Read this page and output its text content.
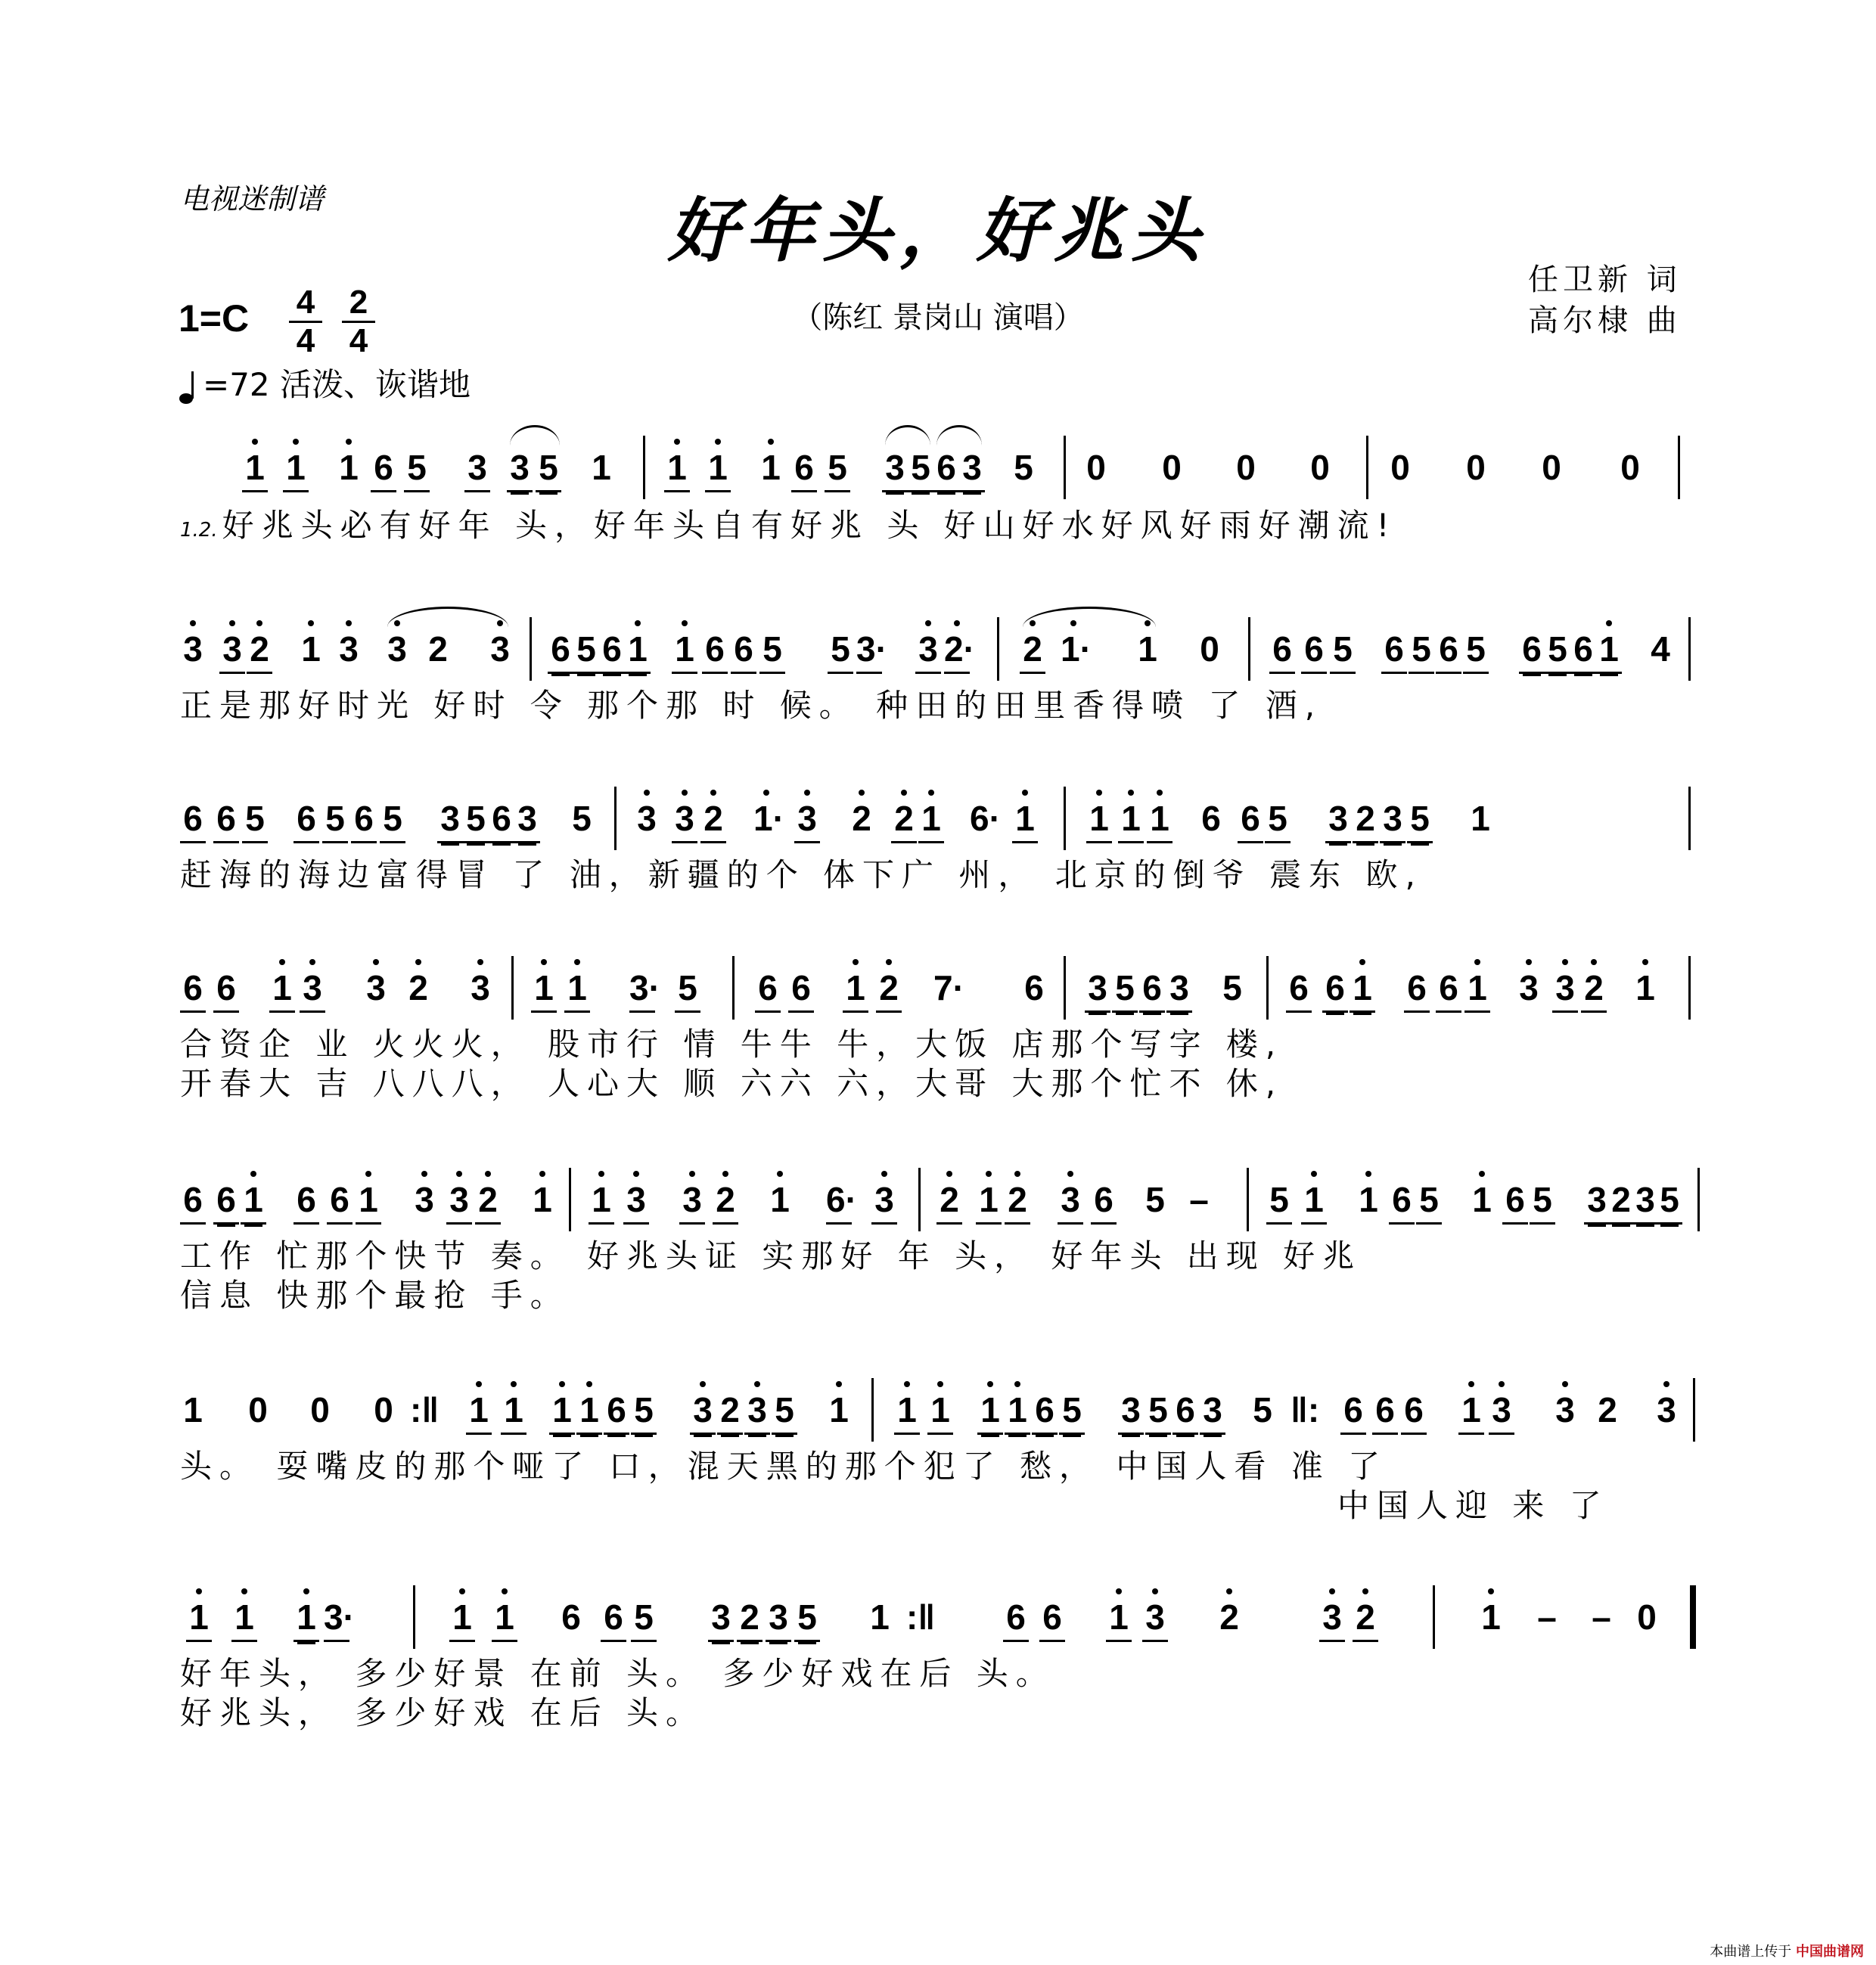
电视迷制谱	好年头，好兆头
（陈红 景岗山 演唱）
任卫新 词
高尔棣 曲
1=C 4
4
2
4
=72 活泼、诙谐地
1 1 1 6 5 3 3 5 1 1 1 1 6 5 3 5 6 3 5 0 0 0 0 0 0 0 0
1.2. 好兆头必有好年 头，好年头自有好兆 头 好山好水好风好雨好潮流!
3 3 2 1 3 3 2 3 6 5 6 1 1 6 6 5 5 3· 3 2· 2 1· 1 0 6 6 5 6 5 6 5 6 5 6 1 4
正是那好时光 好时 令 那个那 时 候。 种田的田里香得喷 了 酒,
6 6 5 6 5 6 5 3 5 6 3 5 3 3 2 1· 3 2 2 1 6· 1 1 1 1 6 6 5 3 2 3 5 1
赶海的海边富得冒 了 油，新疆的个 体下广 州， 北京的倒爷 震东 欧,
6 6 1 3 3 2 3 1 1 3· 5 6 6 1 2 7· 6 3 5 6 3 5 6 6 1 6 6 1 3 3 2 1
合资企 业 火火火， 股市行 情 牛牛 牛，大饭 店那个写字 楼,
开春大 吉 八八八， 人心大 顺 六六 六，大哥 大那个忙不 休,
6 6 1 6 6 1 3 3 2 1 1 3 3 2 1 6· 3 2 1 2 3 6 5 – 5 1 1 6 5 1 6 5 3 2 3 5
工作 忙那个快节 奏。 好兆头证 实那好 年 头， 好年头 出现 好兆
信息 快那个最抢 手。
1 0 0 0 :‖ 1 1 1 1 6 5 3 2 3 5 1 1 1 1 1 6 5 3 5 6 3 5 ‖: 6 6 6 1 3 3 2 3
头。 耍嘴皮的那个哑了 口，混天黑的那个犯了 愁， 中国人看 准 了
中国人迎 来 了
1 1 1 3·	1 1 6 6 5 3 2 3 5 1 :‖ 6 6 1 3 2 3 2	1 – – 0
好年头， 多少好景 在前 头。 多少好戏在后 头。
好兆头， 多少好戏 在后 头。
本曲谱上传于 中国曲谱网
